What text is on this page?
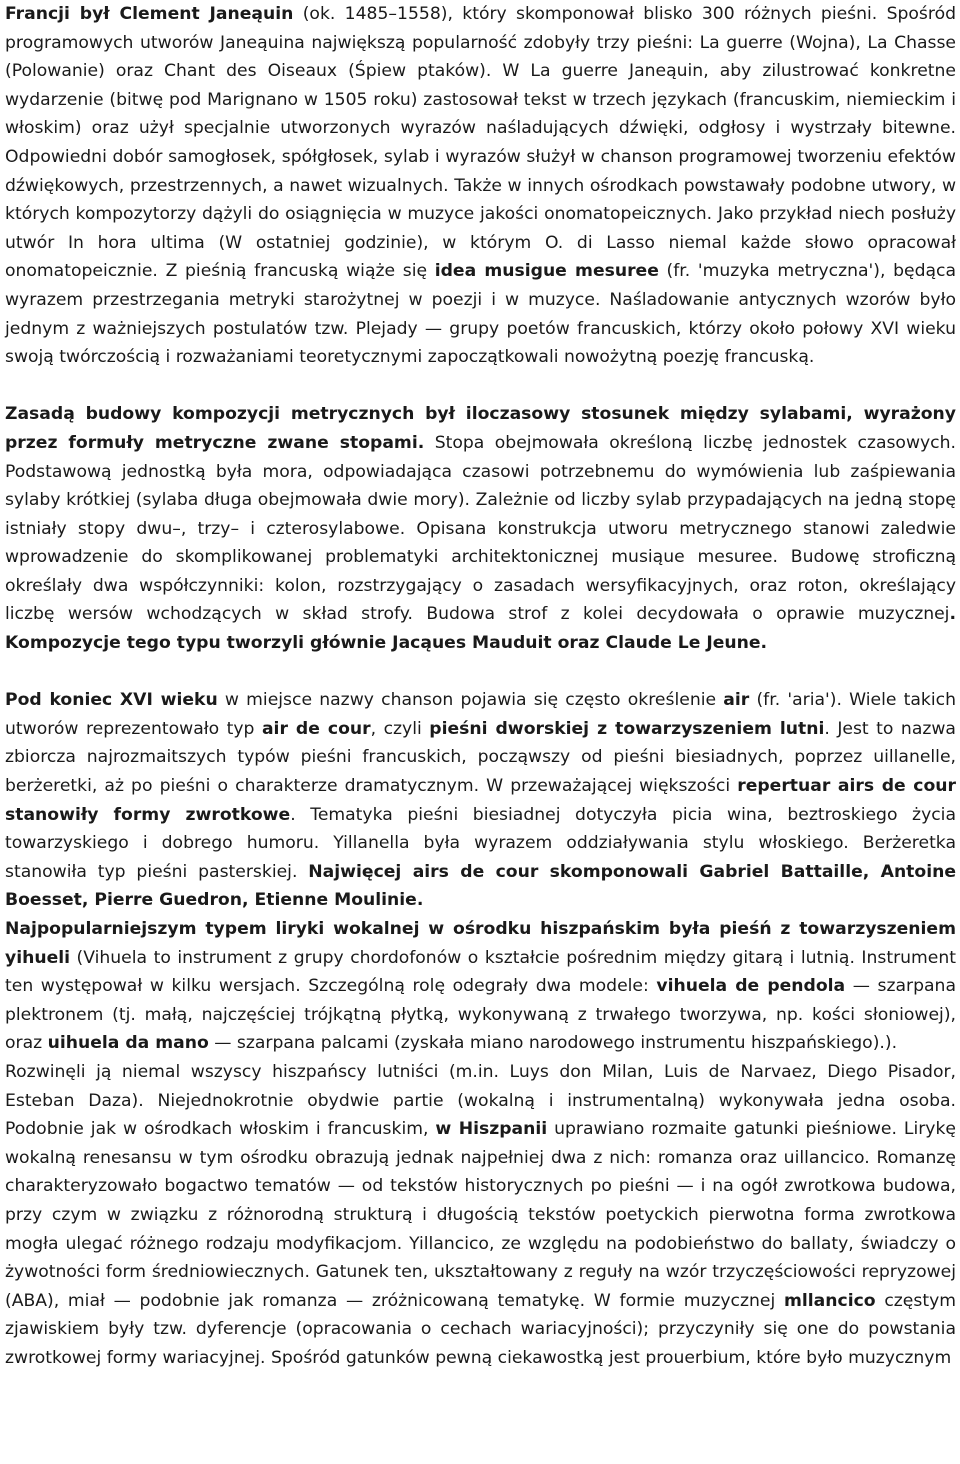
Francji był Clement Janeąuin (ok. 1485–1558), który skomponował blisko 300 różnych pieśni. Spośród programowych utworów Janeąuina największą popularność zdobyły trzy pieśni: La guerre (Wojna), La Chasse (Polowanie) oraz Chant des Oiseaux (Śpiew ptaków). W La guerre Janeąuin, aby zilustrować konkretne wydarzenie (bitwę pod Marignano w 1505 roku) zastosował tekst w trzech językach (francuskim, niemieckim i włoskim) oraz użył specjalnie utworzonych wyrazów naśladujących dźwięki, odgłosy i wystrzały bitewne. Odpowiedni dobór samogłosek, spółgłosek, sylab i wyrazów służył w chanson programowej tworzeniu efektów dźwiękowych, przestrzennych, a nawet wizualnych. Także w innych ośrodkach powstawały podobne utwory, w których kompozytorzy dążyli do osiągnięcia w muzyce jakości onomatopeicznych. Jako przykład niech posłuży utwór In hora ultima (W ostatniej godzinie), w którym O. di Lasso niemal każde słowo opracował onomatopeicznie. Z pieśnią francuską wiąże się idea musigue mesuree (fr. 'muzyka metryczna'), będąca wyrazem przestrzegania metryki starożytnej w poezji i w muzyce. Naśladowanie antycznych wzorów było jednym z ważniejszych postulatów tzw. Plejady — grupy poetów francuskich, którzy około połowy XVI wieku swoją twórczością i rozważaniami teoretycznymi zapoczątkowali nowożytną poezję francuską.

Zasadą budowy kompozycji metrycznych był iloczasowy stosunek między sylabami, wyrażony przez formuły metryczne zwane stopami. Stopa obejmowała określoną liczbę jednostek czasowych. Podstawową jednostką była mora, odpowiadająca czasowi potrzebnemu do wymówienia lub zaśpiewania sylaby krótkiej (sylaba długa obejmowała dwie mory). Zależnie od liczby sylab przypadających na jedną stopę istniały stopy dwu–, trzy– i czterosylabowe. Opisana konstrukcja utworu metrycznego stanowi zaledwie wprowadzenie do skomplikowanej problematyki architektonicznej musiąue mesuree. Budowę stroficzną określały dwa współczynniki: kolon, rozstrzygający o zasadach wersyfikacyjnych, oraz roton, określający liczbę wersów wchodzących w skład strofy. Budowa strof z kolei decydowała o oprawie muzycznej. Kompozycje tego typu tworzyli głównie Jacąues Mauduit oraz Claude Le Jeune.

Pod koniec XVI wieku w miejsce nazwy chanson pojawia się często określenie air (fr. 'aria'). Wiele takich utworów reprezentowało typ air de cour, czyli pieśni dworskiej z towarzyszeniem lutni. Jest to nazwa zbiorcza najrozmaitszych typów pieśni francuskich, począwszy od pieśni biesiadnych, poprzez uillanelle, berżeretki, aż po pieśni o charakterze dramatycznym. W przeważającej większości repertuar airs de cour stanowiły formy zwrotkowe. Tematyka pieśni biesiadnej dotyczyła picia wina, beztroskiego życia towarzyskiego i dobrego humoru. Yillanella była wyrazem oddziaływania stylu włoskiego. Berżeretka stanowiła typ pieśni pasterskiej. Najwięcej airs de cour skomponowali Gabriel Battaille, Antoine Boesset, Pierre Guedron, Etienne Moulinie.

Najpopularniejszym typem liryki wokalnej w ośrodku hiszpańskim była pieśń z towarzyszeniem yihueli (Vihuela to instrument z grupy chordofonów o kształcie pośrednim między gitarą i lutnią. Instrument ten występował w kilku wersjach. Szczególną rolę odegrały dwa modele: vihuela de pendola — szarpana plektronem (tj. małą, najczęściej trójkątną płytką, wykonywaną z trwałego tworzywa, np. kości słoniowej), oraz uihuela da mano — szarpana palcami (zyskała miano narodowego instrumentu hiszpańskiego).).

Rozwinęli ją niemal wszyscy hiszpańscy lutniści (m.in. Luys don Milan, Luis de Narvaez, Diego Pisador, Esteban Daza). Niejednokrotnie obydwie partie (wokalną i instrumentalną) wykonywała jedna osoba. Podobnie jak w ośrodkach włoskim i francuskim, w Hiszpanii uprawiano rozmaite gatunki pieśniowe. Lirykę wokalną renesansu w tym ośrodku obrazują jednak najpełniej dwa z nich: romanza oraz uillancico. Romanzę charakteryzowało bogactwo tematów — od tekstów historycznych po pieśni — i na ogół zwrotkowa budowa, przy czym w związku z różnorodną strukturą i długością tekstów poetyckich pierwotna forma zwrotkowa mogła ulegać różnego rodzaju modyfikacjom. Yillancico, ze względu na podobieństwo do ballaty, świadczy o żywotności form średniowiecznych. Gatunek ten, ukształtowany z reguły na wzór trzyczęściowości repryzowej (ABA), miał — podobnie jak romanza — zróżnicowaną tematykę. W formie muzycznej mllancico częstym zjawiskiem były tzw. dyferencje (opracowania o cechach wariacyjności); przyczyniły się one do powstania zwrotkowej formy wariacyjnej. Spośród gatunków pewną ciekawostką jest prouerbium, które było muzycznym
